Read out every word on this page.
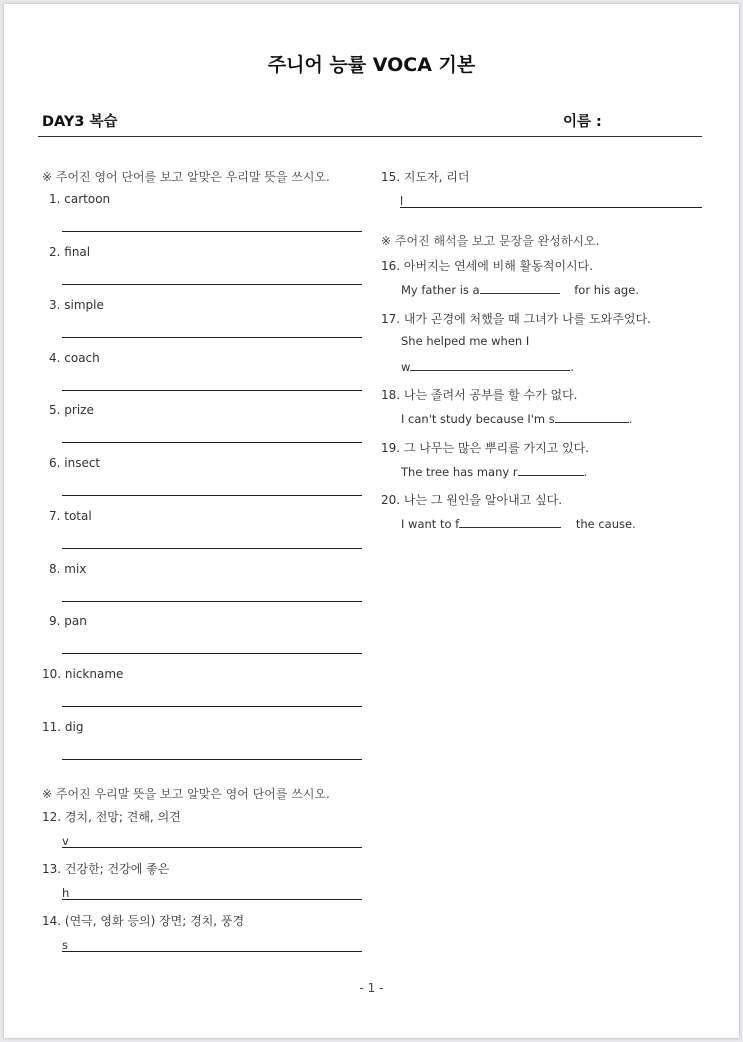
주니어 능률 VOCA 기본
DAY3 복습	이름 :
※ 주어진 영어 단어를 보고 알맞은 우리말 뜻을 쓰시오.
1. cartoon
2. final
3. simple
4. coach
5. prize
6. insect
7. total
8. mix
9. pan
10. nickname
11. dig
※ 주어진 우리말 뜻을 보고 알맞은 영어 단어를 쓰시오.
12. 경치, 전망; 견해, 의견
v
13. 건강한; 건강에 좋은
h
14. (연극, 영화 등의) 장면; 경치, 풍경
s
15. 지도자, 리더
l
※ 주어진 해석을 보고 문장을 완성하시오.
16. 아버지는 연세에 비해 활동적이시다.
My father is a	for his age.
17. 내가 곤경에 처했을 때 그녀가 나를 도와주었다.
She helped me when I
w	.
18. 나는 졸려서 공부를 할 수가 없다.
I can't study because I'm s	.
19. 그 나무는 많은 뿌리를 가지고 있다.
The tree has many r	.
20. 나는 그 원인을 알아내고 싶다.
I want to f	the cause.
- 1 -
